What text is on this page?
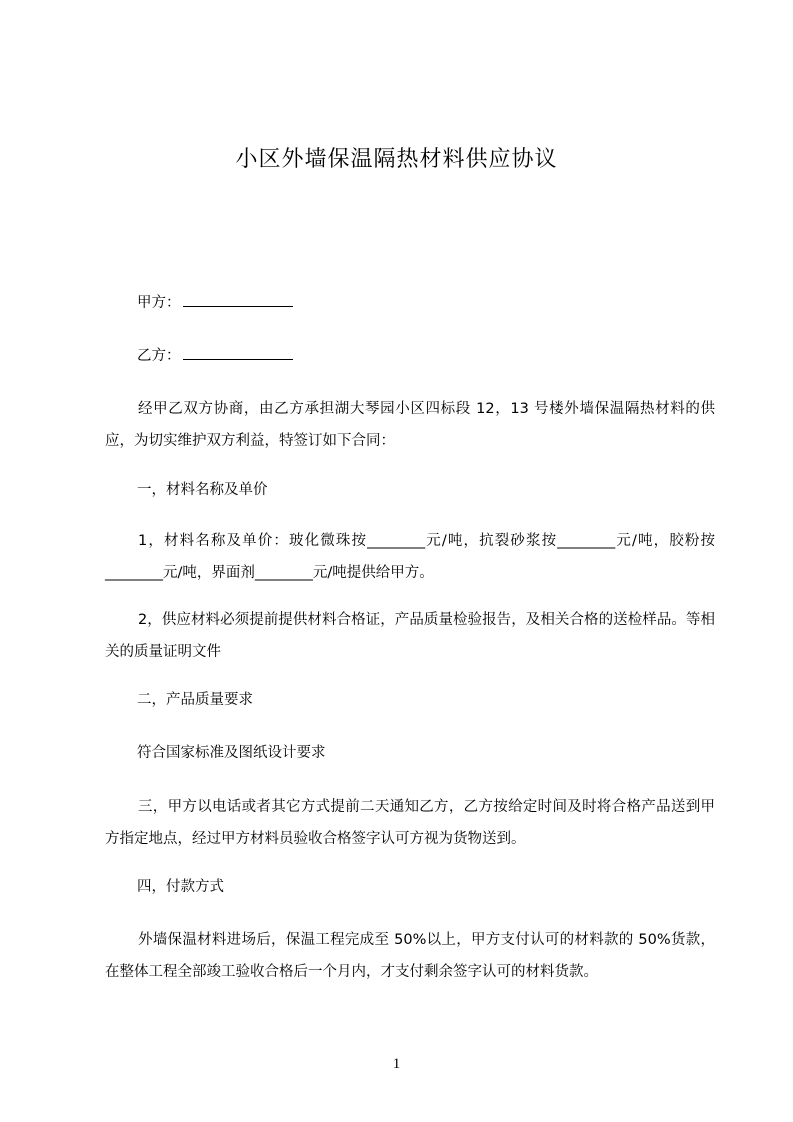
小区外墙保温隔热材料供应协议
甲方：
乙方：
经甲乙双方协商，由乙方承担湖大琴园小区四标段 12，13 号楼外墙保温隔热材料的供应，为切实维护双方利益，特签订如下合同：
一，材料名称及单价
1，材料名称及单价：玻化微珠按________元/吨，抗裂砂浆按________元/吨，胶粉按________元/吨，界面剂________元/吨提供给甲方。
2，供应材料必须提前提供材料合格证，产品质量检验报告，及相关合格的送检样品。等相关的质量证明文件
二，产品质量要求
符合国家标准及图纸设计要求
三，甲方以电话或者其它方式提前二天通知乙方，乙方按给定时间及时将合格产品送到甲方指定地点，经过甲方材料员验收合格签字认可方视为货物送到。
四，付款方式
外墙保温材料进场后，保温工程完成至 50%以上，甲方支付认可的材料款的 50%货款，在整体工程全部竣工验收合格后一个月内，才支付剩余签字认可的材料货款。
1
